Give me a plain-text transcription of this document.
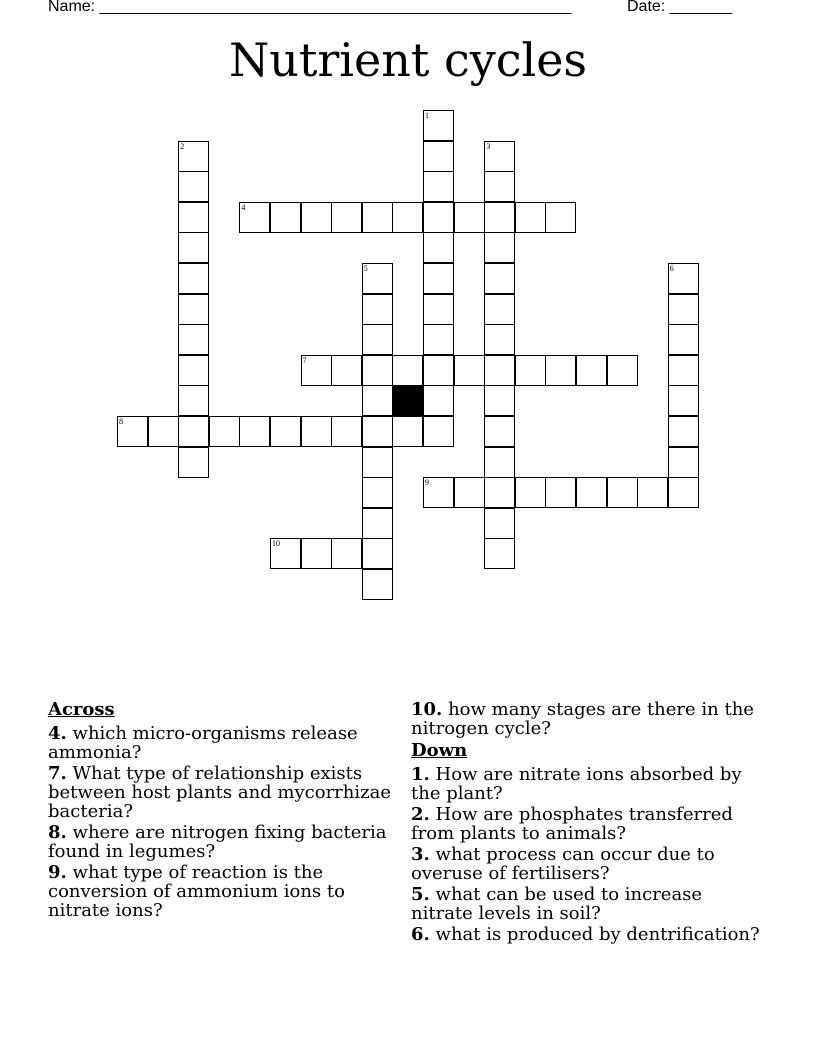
Name: _____________________________________________________	Date: _______
Nutrient cycles
1
2	3
4
5	6
7
8
9
10
Across
4. which micro-organisms release ammonia?
7. What type of relationship exists between host plants and mycorrhizae bacteria?
8. where are nitrogen fixing bacteria found in legumes?
9. what type of reaction is the conversion of ammonium ions to nitrate ions?
10. how many stages are there in the nitrogen cycle?
Down
1. How are nitrate ions absorbed by the plant?
2. How are phosphates transferred from plants to animals?
3. what process can occur due to overuse of fertilisers?
5. what can be used to increase nitrate levels in soil?
6. what is produced by dentrification?
